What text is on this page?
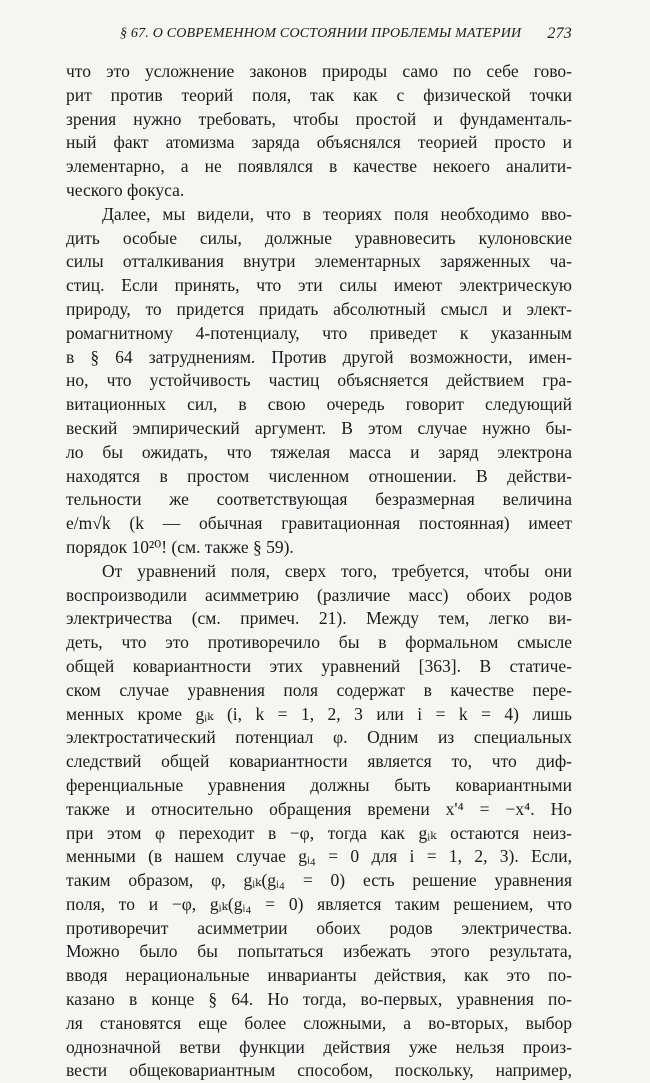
§ 67. О СОВРЕМЕННОМ СОСТОЯНИИ ПРОБЛЕМЫ МАТЕРИИ 273
что это усложнение законов природы само по себе гово-
рит против теорий поля, так как с физической точки
зрения нужно требовать, чтобы простой и фундаменталь-
ный факт атомизма заряда объяснялся теорией просто и
элементарно, а не появлялся в качестве некоего аналити-
ческого фокуса.
Далее, мы видели, что в теориях поля необходимо вво-
дить особые силы, должные уравновесить кулоновские
силы отталкивания внутри элементарных заряженных ча-
стиц. Если принять, что эти силы имеют электрическую
природу, то придется придать абсолютный смысл и элект-
ромагнитному 4-потенциалу, что приведет к указанным
в § 64 затруднениям. Против другой возможности, имен-
но, что устойчивость частиц объясняется действием гра-
витационных сил, в свою очередь говорит следующий
веский эмпирический аргумент. В этом случае нужно бы-
ло бы ожидать, что тяжелая масса и заряд электрона
находятся в простом численном отношении. В действи-
тельности же соответствующая безразмерная величина
e/m√k (k — обычная гравитационная постоянная) имеет
порядок 10²⁰! (см. также § 59).
От уравнений поля, сверх того, требуется, чтобы они
воспроизводили асимметрию (различие масс) обоих родов
электричества (см. примеч. 21). Между тем, легко ви-
деть, что это противоречило бы в формальном смысле
общей ковариантности этих уравнений [363]. В статиче-
ском случае уравнения поля содержат в качестве пере-
менных кроме gᵢₖ (i, k = 1, 2, 3 или i = k = 4) лишь
электростатический потенциал φ. Одним из специальных
следствий общей ковариантности является то, что диф-
ференциальные уравнения должны быть ковариантными
также и относительно обращения времени x'⁴ = −x⁴. Но
при этом φ переходит в −φ, тогда как gᵢₖ остаются неиз-
менными (в нашем случае gᵢ₄ = 0 для i = 1, 2, 3). Если,
таким образом, φ, gᵢₖ(gᵢ₄ = 0) есть решение уравнения
поля, то и −φ, gᵢₖ(gᵢ₄ = 0) является таким решением, что
противоречит асимметрии обоих родов электричества.
Можно было бы попытаться избежать этого результата,
вводя нерациональные инварианты действия, как это по-
казано в конце § 64. Но тогда, во-первых, уравнения по-
ля становятся еще более сложными, а во-вторых, выбор
однозначной ветви функции действия уже нельзя произ-
вести общековариантным способом, поскольку, например,
